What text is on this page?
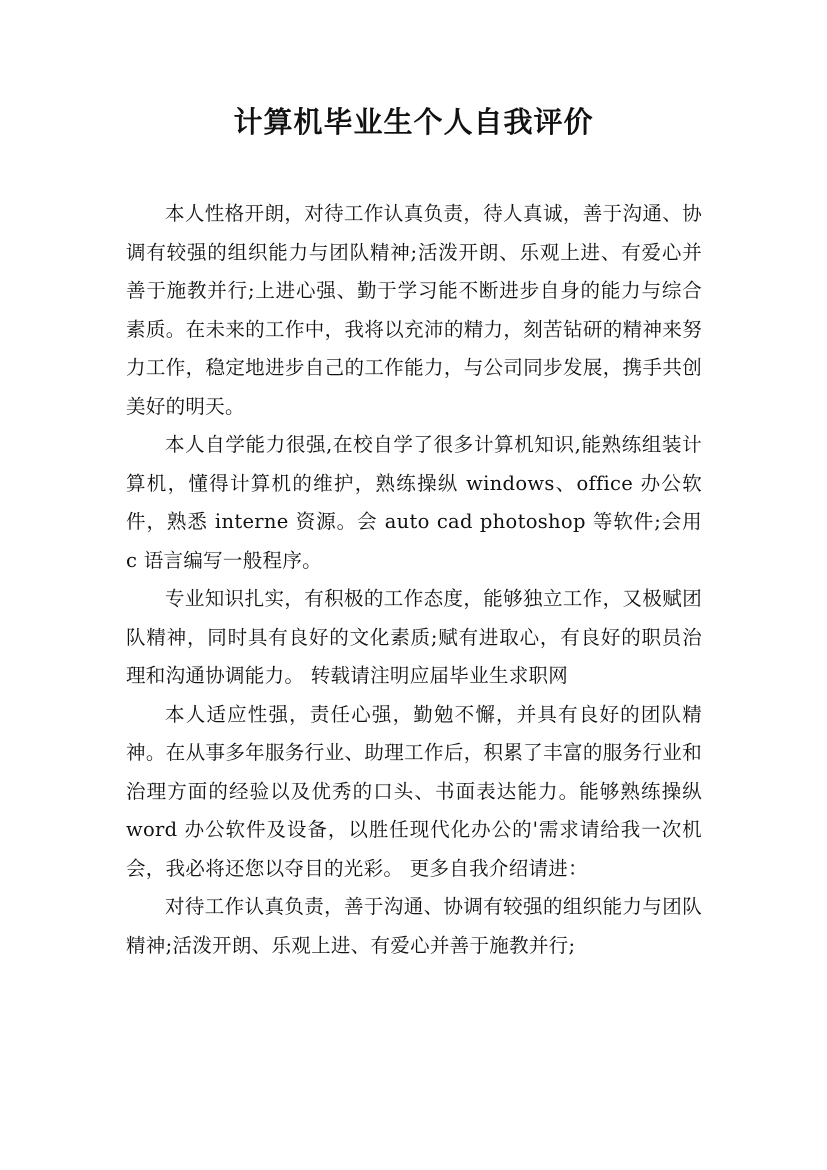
计算机毕业生个人自我评价

本人性格开朗，对待工作认真负责，待人真诚，善于沟通、协调有较强的组织能力与团队精神;活泼开朗、乐观上进、有爱心并善于施教并行;上进心强、勤于学习能不断进步自身的能力与综合素质。在未来的工作中，我将以充沛的精力，刻苦钻研的精神来努力工作，稳定地进步自己的工作能力，与公司同步发展，携手共创美好的明天。

本人自学能力很强,在校自学了很多计算机知识,能熟练组装计算机，懂得计算机的维护，熟练操纵 windows、office 办公软件，熟悉 interne 资源。会 auto cad photoshop 等软件;会用 c 语言编写一般程序。

专业知识扎实，有积极的工作态度，能够独立工作，又极赋团队精神，同时具有良好的文化素质;赋有进取心，有良好的职员治理和沟通协调能力。 转载请注明应届毕业生求职网

本人适应性强，责任心强，勤勉不懈，并具有良好的团队精神。在从事多年服务行业、助理工作后，积累了丰富的服务行业和治理方面的经验以及优秀的口头、书面表达能力。能够熟练操纵 word 办公软件及设备，以胜任现代化办公的'需求请给我一次机会，我必将还您以夺目的光彩。 更多自我介绍请进：

对待工作认真负责，善于沟通、协调有较强的组织能力与团队精神;活泼开朗、乐观上进、有爱心并善于施教并行;
